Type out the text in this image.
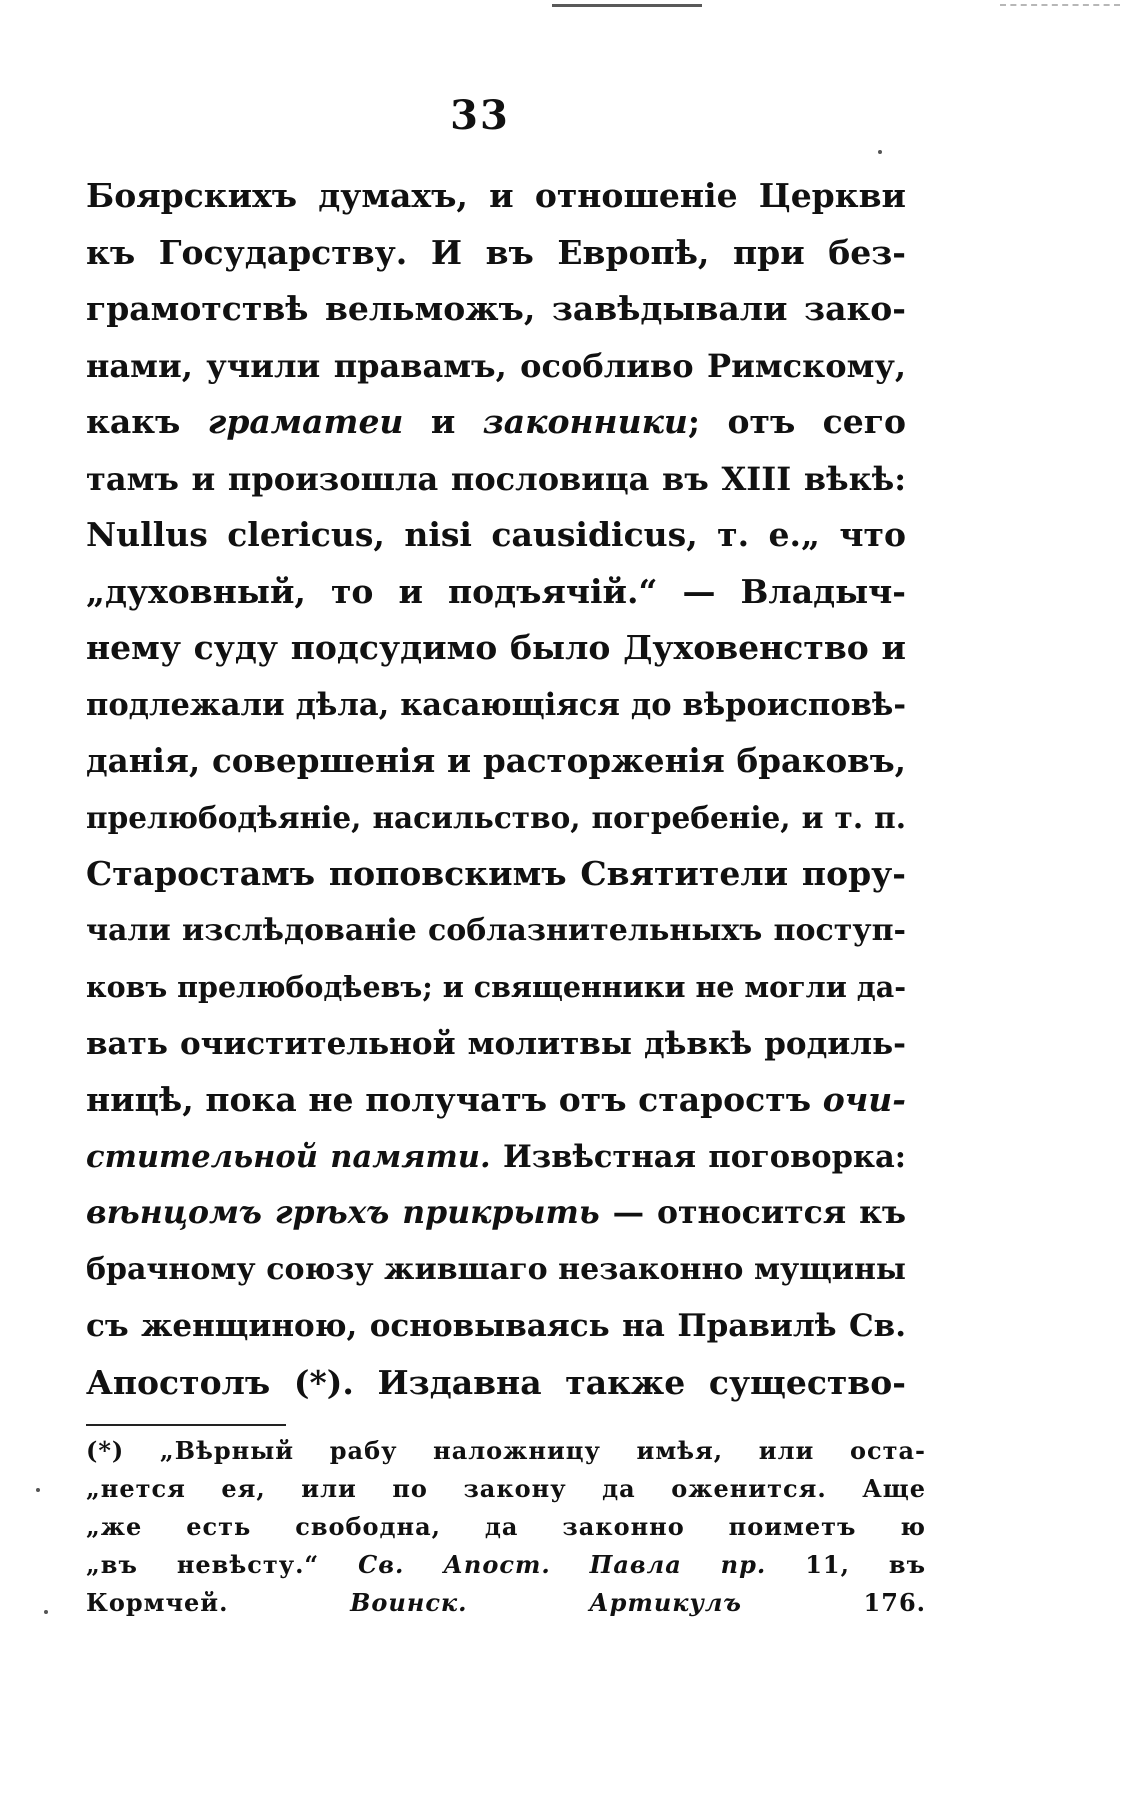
33
Боярскихъ думахъ, и отношеніе Церкви
къ Государству. И въ Европѣ, при без-
грамотствѣ вельможъ, завѣдывали зако-
нами, учили правамъ, особливо Римскому,
какъ граматеи и законники; отъ сего
тамъ и произошла пословица въ XIII вѣкѣ:
Nullus clericus, nisi causidicus, т. е.„ что
„духовный, то и подъячій.“ — Владыч-
нему суду подсудимо было Духовенство и
подлежали дѣла, касающіяся до вѣроисповѣ-
данія, совершенія и расторженія браковъ,
прелюбодѣяніе, насильство, погребеніе, и т. п.
Старостамъ поповскимъ Святители пору-
чали изслѣдованіе соблазнительныхъ поступ-
ковъ прелюбодѣевъ; и священники не могли да-
вать очистительной молитвы дѣвкѣ родиль-
ницѣ, пока не получатъ отъ старостъ очи-
стительной памяти. Извѣстная поговорка:
вѣнцомъ грѣхъ прикрыть — относится къ
брачному союзу жившаго незаконно мущины
съ женщиною, основываясь на Правилѣ Св.
Апостолъ (*). Издавна также существо-
(*) „Вѣрный рабу наложницу имѣя, или оста-
„нется ея, или по закону да оженится. Аще
„же есть свободна, да законно поиметъ ю
„въ невѣсту.“ Св. Апост. Павла пр. 11, въ
Кормчей. Воинск. Артикулъ 176.
